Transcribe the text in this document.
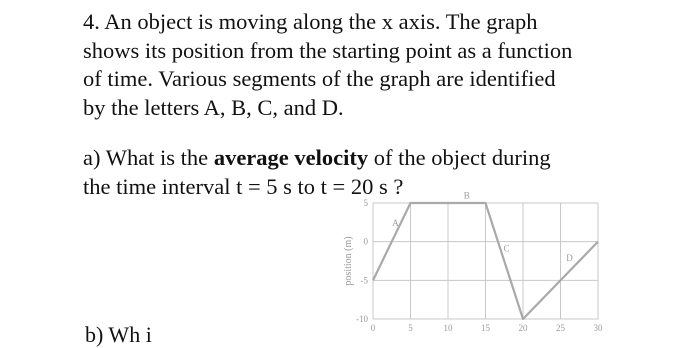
4. An object is moving along the x axis. The graph
shows its position from the starting point as a function
of time. Various segments of the graph are identified
by the letters A, B, C, and D.

a) What is the average velocity of the object during
the time interval t = 5 s to t = 20 s ?

b) Wh i	0	5	10	15	20	25	30
5
0
-5
-10
position (m)
A
B
C
D
